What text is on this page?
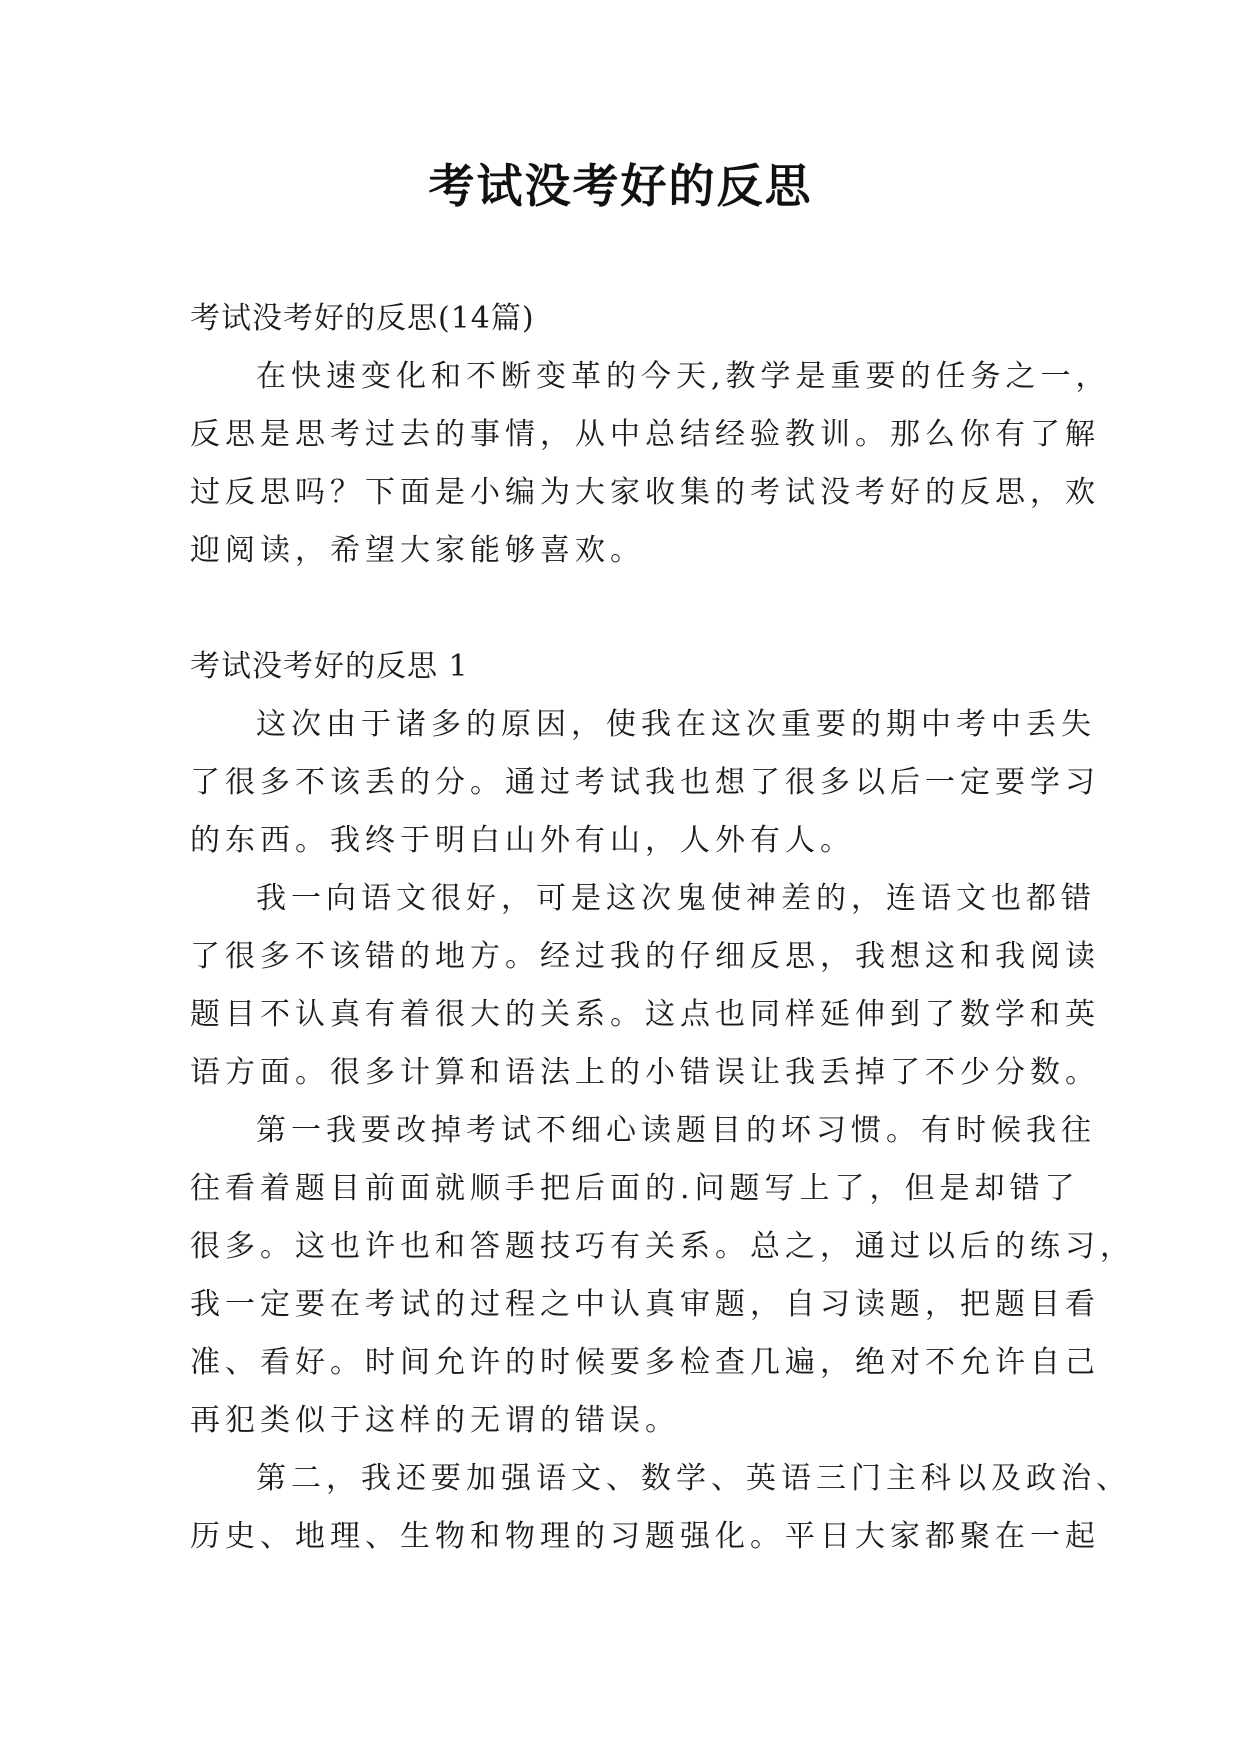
考试没考好的反思
考试没考好的反思(14篇)
在快速变化和不断变革的今天,教学是重要的任务之一，
反思是思考过去的事情，从中总结经验教训。那么你有了解
过反思吗？下面是小编为大家收集的考试没考好的反思，欢
迎阅读，希望大家能够喜欢。
考试没考好的反思 1
这次由于诸多的原因，使我在这次重要的期中考中丢失
了很多不该丢的分。通过考试我也想了很多以后一定要学习
的东西。我终于明白山外有山，人外有人。
我一向语文很好，可是这次鬼使神差的，连语文也都错
了很多不该错的地方。经过我的仔细反思，我想这和我阅读
题目不认真有着很大的关系。这点也同样延伸到了数学和英
语方面。很多计算和语法上的小错误让我丢掉了不少分数。
第一我要改掉考试不细心读题目的坏习惯。有时候我往
往看着题目前面就顺手把后面的.问题写上了，但是却错了
很多。这也许也和答题技巧有关系。总之，通过以后的练习，
我一定要在考试的过程之中认真审题，自习读题，把题目看
准、看好。时间允许的时候要多检查几遍，绝对不允许自己
再犯类似于这样的无谓的错误。
第二，我还要加强语文、数学、英语三门主科以及政治、
历史、地理、生物和物理的习题强化。平日大家都聚在一起
